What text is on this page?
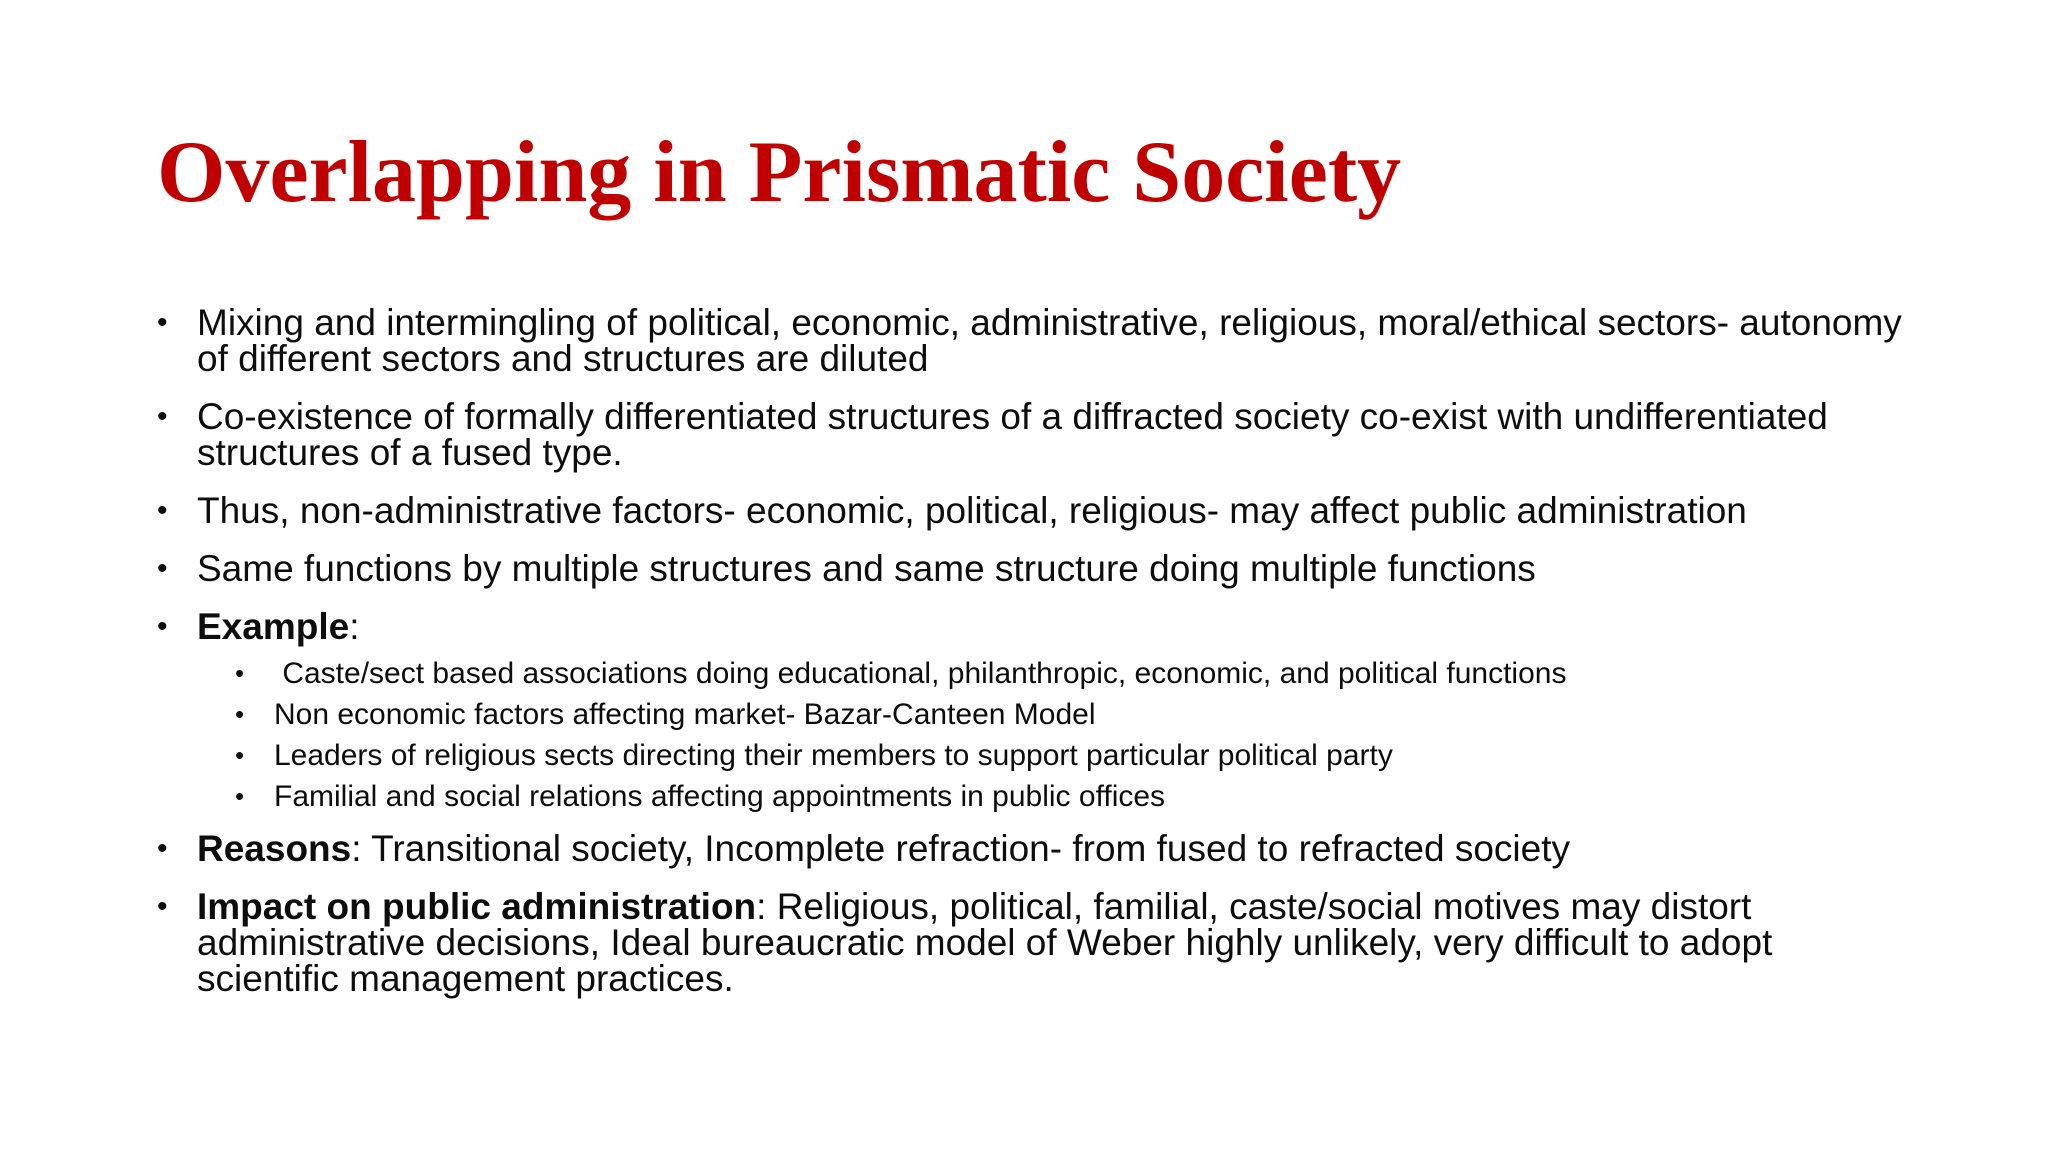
Overlapping in Prismatic Society
• Mixing and intermingling of political, economic, administrative, religious, moral/ethical sectors- autonomy of different sectors and structures are diluted
• Co-existence of formally differentiated structures of a diffracted society co-exist with undifferentiated structures of a fused type.
• Thus, non-administrative factors- economic, political, religious- may affect public administration
• Same functions by multiple structures and same structure doing multiple functions
• Example:
• Caste/sect based associations doing educational, philanthropic, economic, and political functions
• Non economic factors affecting market- Bazar-Canteen Model
• Leaders of religious sects directing their members to support particular political party
• Familial and social relations affecting appointments in public offices
• Reasons: Transitional society, Incomplete refraction- from fused to refracted society
• Impact on public administration: Religious, political, familial, caste/social motives may distort administrative decisions, Ideal bureaucratic model of Weber highly unlikely, very difficult to adopt scientific management practices.
